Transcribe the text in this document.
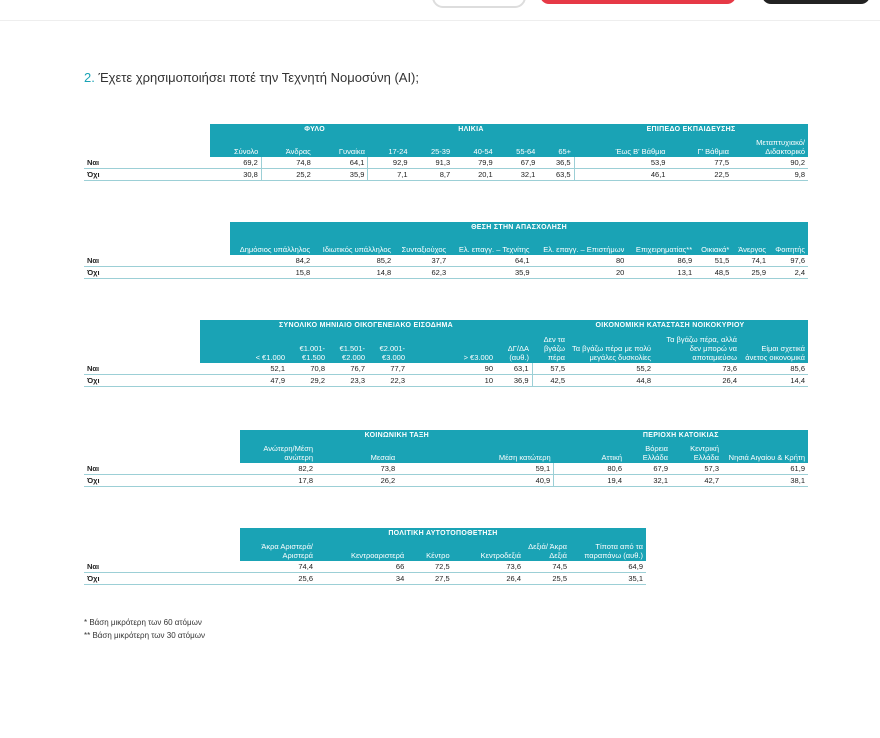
2. Έχετε χρησιμοποιήσει ποτέ την Τεχνητή Νομοσύνη (AI);
		ΦΥΛΟ		ΗΛΙΚΙΑ					ΕΠΙΠΕΔΟ ΕΚΠΑΙΔΕΥΣΗΣ		
	Σύνολο	Άνδρας	Γυναίκα	17-24	25-39	40-54	55-64	65+	Έως Β' Βάθμια	Γ' Βάθμια	Μεταπτυχιακό/ Διδακτορικό
Ναι	69,2	74,8	64,1	92,9	91,3	79,9	67,9	36,5	53,9	77,5	90,2
Όχι	30,8	25,2	35,9	7,1	8,7	20,1	32,1	63,5	46,1	22,5	9,8
	ΘΕΣΗ ΣΤΗΝ ΑΠΑΣΧΟΛΗΣΗ								
	Δημόσιος υπάλληλος	Ιδιωτικός υπάλληλος	Συνταξιούχος	Ελ. επαγγ. – Τεχνίτης	Ελ. επαγγ. – Επιστήμων	Επιχειρηματίας**	Οικιακά*	Άνεργος	Φοιτητής
Ναι	84,2	85,2	37,7	64,1	80	86,9	51,5	74,1	97,6
Όχι	15,8	14,8	62,3	35,9	20	13,1	48,5	25,9	2,4
	ΣΥΝΟΛΙΚΟ ΜΗΝΙΑΙΟ ΟΙΚΟΓΕΝΕΙΑΚΟ ΕΙΣΟΔΗΜΑ						ΟΙΚΟΝΟΜΙΚΗ ΚΑΤΑΣΤΑΣΗ ΝΟΙΚΟΚΥΡΙΟΥ			
	< €1.000	€1.001- €1.500	€1.501- €2.000	€2.001- €3.000	> €3.000	ΔΓ/ΔΑ (αυθ.)	Δεν τα βγάζω πέρα	Τα βγάζω πέρα με πολύ μεγάλες δυσκολίες	Τα βγάζω πέρα, αλλά δεν μπορώ να αποταμιεύσω	Είμαι σχετικά άνετος οικονομικά
Ναι	52,1	70,8	76,7	77,7	90	63,1	57,5	55,2	73,6	85,6
Όχι	47,9	29,2	23,3	22,3	10	36,9	42,5	44,8	26,4	14,4
	ΚΟΙΝΩΝΙΚΗ ΤΑΞΗ			ΠΕΡΙΟΧΗ ΚΑΤΟΙΚΙΑΣ			
	Ανώτερη/Μέση ανώτερη	Μεσαία	Μέση κατώτερη	Αττική	Βόρεια Ελλάδα	Κεντρική Ελλάδα	Νησιά Αιγαίου & Κρήτη
Ναι	82,2	73,8	59,1	80,6	67,9	57,3	61,9
Όχι	17,8	26,2	40,9	19,4	32,1	42,7	38,1
	ΠΟΛΙΤΙΚΗ ΑΥΤΟΤΟΠΟΘΕΤΗΣΗ					
	Άκρα Αριστερά/ Αριστερά	Κεντροαριστερά	Κέντρο	Κεντροδεξιά	Δεξιά/ Άκρα Δεξιά	Τίποτα από τα παραπάνω (αυθ.)
Ναι	74,4	66	72,5	73,6	74,5	64,9
Όχι	25,6	34	27,5	26,4	25,5	35,1
* Βάση μικρότερη των 60 ατόμων
** Βάση μικρότερη των 30 ατόμων
